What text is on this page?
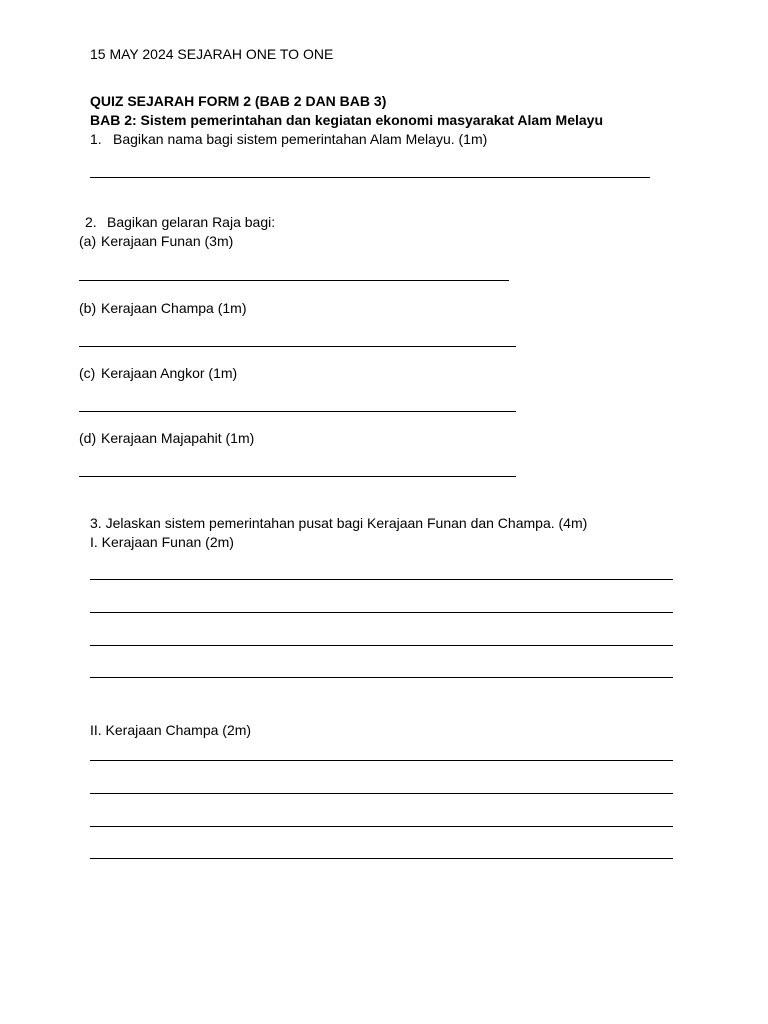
15 MAY 2024 SEJARAH ONE TO ONE
QUIZ SEJARAH FORM 2 (BAB 2 DAN BAB 3)
BAB 2: Sistem pemerintahan dan kegiatan ekonomi masyarakat Alam Melayu
1. Bagikan nama bagi sistem pemerintahan Alam Melayu. (1m)
2. Bagikan gelaran Raja bagi:
(a) Kerajaan Funan (3m)
(b) Kerajaan Champa (1m)
(c) Kerajaan Angkor (1m)
(d) Kerajaan Majapahit (1m)
3. Jelaskan sistem pemerintahan pusat bagi Kerajaan Funan dan Champa. (4m)
I. Kerajaan Funan (2m)
II. Kerajaan Champa (2m)
